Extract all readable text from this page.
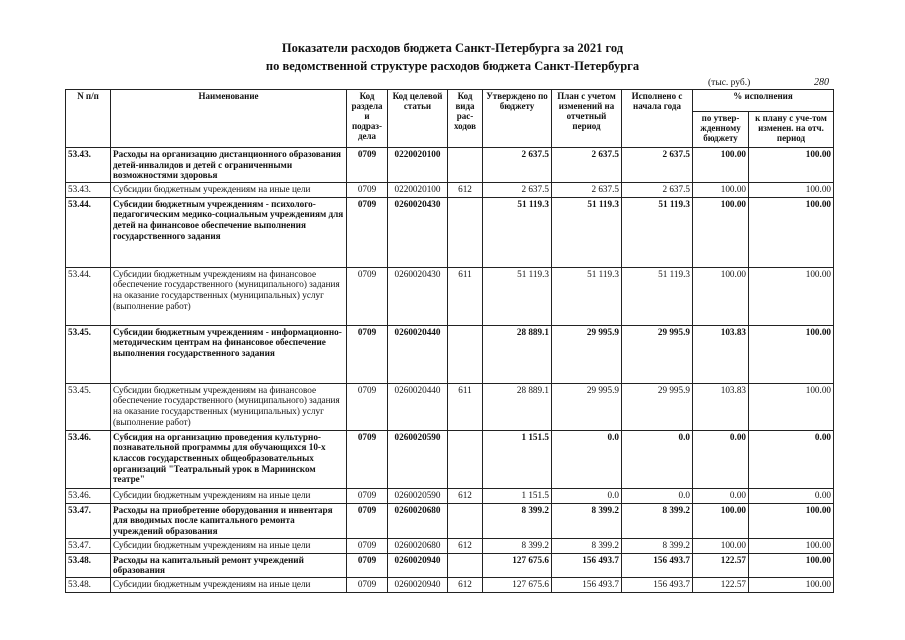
Показатели расходов бюджета Санкт-Петербурга за 2021 год
по ведомственной структуре расходов бюджета Санкт-Петербурга
(тыс. руб.)	280
N п/п	Наименование	Код раздела и подраз-дела	Код целевой статьи	Код вида рас-ходов	Утверждено по бюджету	План с учетом изменений на отчетный период	Исполнено с начала года	% исполнения	
								по утвер-жденному бюджету	к плану с уче-том изменен. на отч. период
53.43.	Расходы на организацию дистанционного образования детей-инвалидов и детей с ограниченными возможностями здоровья	0709	0220020100		2 637.5	2 637.5	2 637.5	100.00	100.00
53.43.	Субсидии бюджетным учреждениям на иные цели	0709	0220020100	612	2 637.5	2 637.5	2 637.5	100.00	100.00
53.44.	Субсидии бюджетным учреждениям - психолого-педагогическим медико-социальным учреждениям для детей на финансовое обеспечение выполнения государственного задания	0709	0260020430		51 119.3	51 119.3	51 119.3	100.00	100.00
53.44.	Субсидии бюджетным учреждениям на финансовое обеспечение государственного (муниципального) задания на оказание государственных (муниципальных) услуг (выполнение работ)	0709	0260020430	611	51 119.3	51 119.3	51 119.3	100.00	100.00
53.45.	Субсидии бюджетным учреждениям - информационно-методическим центрам на финансовое обеспечение выполнения государственного задания	0709	0260020440		28 889.1	29 995.9	29 995.9	103.83	100.00
53.45.	Субсидии бюджетным учреждениям на финансовое обеспечение государственного (муниципального) задания на оказание государственных (муниципальных) услуг (выполнение работ)	0709	0260020440	611	28 889.1	29 995.9	29 995.9	103.83	100.00
53.46.	Субсидия на организацию проведения культурно-познавательной программы для обучающихся 10-х классов государственных общеобразовательных организаций "Театральный урок в Мариинском театре"	0709	0260020590		1 151.5	0.0	0.0	0.00	0.00
53.46.	Субсидии бюджетным учреждениям на иные цели	0709	0260020590	612	1 151.5	0.0	0.0	0.00	0.00
53.47.	Расходы на приобретение оборудования и инвентаря для вводимых после капитального ремонта учреждений образования	0709	0260020680		8 399.2	8 399.2	8 399.2	100.00	100.00
53.47.	Субсидии бюджетным учреждениям на иные цели	0709	0260020680	612	8 399.2	8 399.2	8 399.2	100.00	100.00
53.48.	Расходы на капитальный ремонт учреждений образования	0709	0260020940		127 675.6	156 493.7	156 493.7	122.57	100.00
53.48.	Субсидии бюджетным учреждениям на иные цели	0709	0260020940	612	127 675.6	156 493.7	156 493.7	122.57	100.00
